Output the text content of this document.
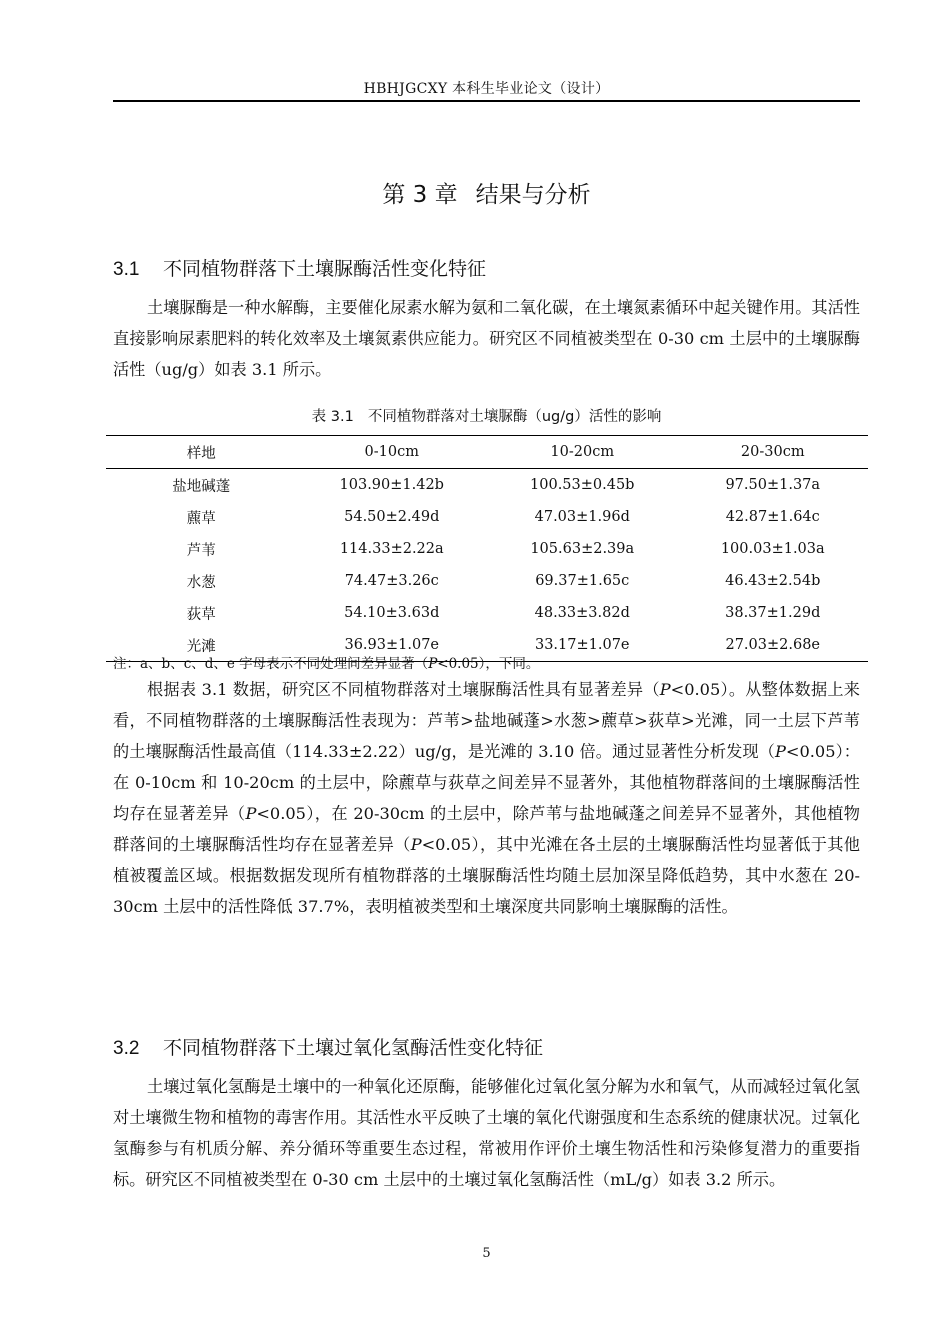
HBHJGCXY 本科生毕业论文（设计）
第 3 章 结果与分析
3.1 不同植物群落下土壤脲酶活性变化特征

土壤脲酶是一种水解酶，主要催化尿素水解为氨和二氧化碳，在土壤氮素循环中起关键作用。其活性直接影响尿素肥料的转化效率及土壤氮素供应能力。研究区不同植被类型在 0-30 cm 土层中的土壤脲酶活性（ug/g）如表 3.1 所示。

表 3.1 不同植物群落对土壤脲酶（ug/g）活性的影响
样地	0-10cm	10-20cm	20-30cm
盐地碱蓬	103.90±1.42b	100.53±0.45b	97.50±1.37a
藨草	54.50±2.49d	47.03±1.96d	42.87±1.64c
芦苇	114.33±2.22a	105.63±2.39a	100.03±1.03a
水葱	74.47±3.26c	69.37±1.65c	46.43±2.54b
荻草	54.10±3.63d	48.33±3.82d	38.37±1.29d
光滩	36.93±1.07e	33.17±1.07e	27.03±2.68e
注：a、b、c、d、e 字母表示不同处理间差异显著（P<0.05），下同。

根据表 3.1 数据，研究区不同植物群落对土壤脲酶活性具有显著差异（P<0.05）。从整体数据上来看，不同植物群落的土壤脲酶活性表现为：芦苇>盐地碱蓬>水葱>藨草>荻草>光滩，同一土层下芦苇的土壤脲酶活性最高值（114.33±2.22）ug/g，是光滩的 3.10 倍。通过显著性分析发现（P<0.05）：在 0-10cm 和 10-20cm 的土层中，除藨草与荻草之间差异不显著外，其他植物群落间的土壤脲酶活性均存在显著差异（P<0.05），在 20-30cm 的土层中，除芦苇与盐地碱蓬之间差异不显著外，其他植物群落间的土壤脲酶活性均存在显著差异（P<0.05），其中光滩在各土层的土壤脲酶活性均显著低于其他植被覆盖区域。根据数据发现所有植物群落的土壤脲酶活性均随土层加深呈降低趋势，其中水葱在 20-30cm 土层中的活性降低 37.7%，表明植被类型和土壤深度共同影响土壤脲酶的活性。

3.2 不同植物群落下土壤过氧化氢酶活性变化特征

土壤过氧化氢酶是土壤中的一种氧化还原酶，能够催化过氧化氢分解为水和氧气，从而减轻过氧化氢对土壤微生物和植物的毒害作用。其活性水平反映了土壤的氧化代谢强度和生态系统的健康状况。过氧化氢酶参与有机质分解、养分循环等重要生态过程，常被用作评价土壤生物活性和污染修复潜力的重要指标。研究区不同植被类型在 0-30 cm 土层中的土壤过氧化氢酶活性（mL/g）如表 3.2 所示。

5
